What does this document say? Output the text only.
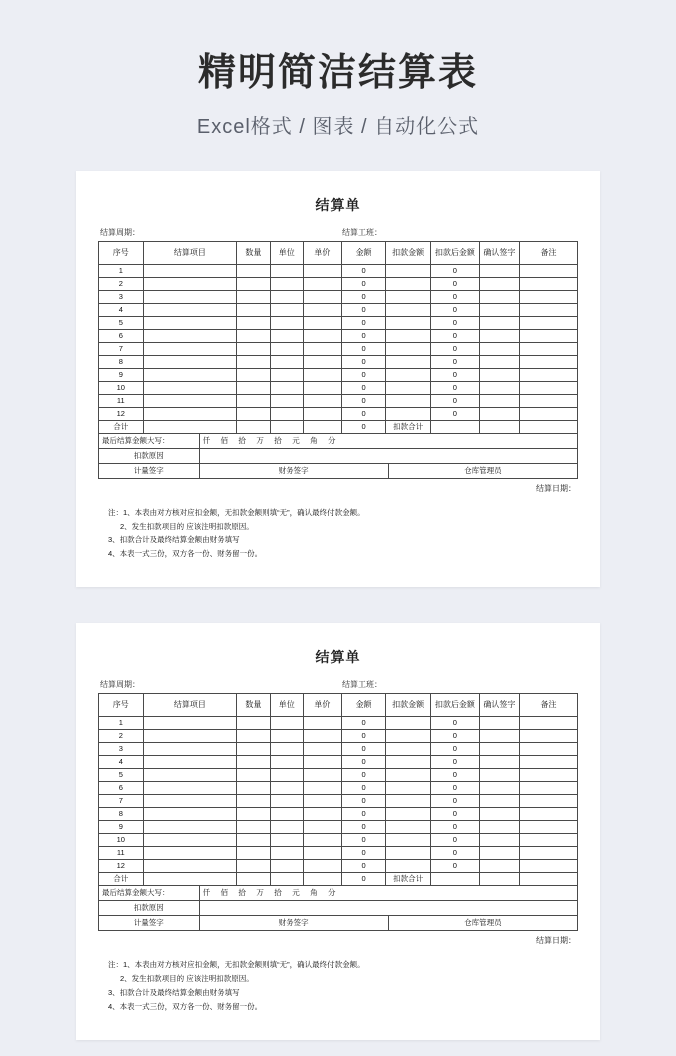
精明简洁结算表

Excel格式 / 图表 / 自动化公式

结算单
结算周期：	结算工班：
序号	结算项目	数量	单位	单价	金额	扣款金额	扣款后金额	确认签字	备注
1					0		0		
2					0		0		
3					0		0		
4					0		0		
5					0		0		
6					0		0		
7					0		0		
8					0		0		
9					0		0		
10					0		0		
11					0		0		
12					0		0		
合计					0	扣款合计			
最后结算金额大写：	仟 佰 拾 万 拾 元 角 分	
扣款原因		
计量签字	财务签字	仓库管理员
结算日期：
注：1、本表由对方核对应扣金额，无扣款金额则填“无”，确认最终付款金额。
2、发生扣款项目的 应该注明扣款原因。
3、扣款合计及最终结算金额由财务填写
4、本表一式三份，双方各一份、财务留一份。
结算单
结算周期：	结算工班：
序号	结算项目	数量	单位	单价	金额	扣款金额	扣款后金额	确认签字	备注
1					0		0		
2					0		0		
3					0		0		
4					0		0		
5					0		0		
6					0		0		
7					0		0		
8					0		0		
9					0		0		
10					0		0		
11					0		0		
12					0		0		
合计					0	扣款合计			
最后结算金额大写：	仟 佰 拾 万 拾 元 角 分	
扣款原因		
计量签字	财务签字	仓库管理员
结算日期：
注：1、本表由对方核对应扣金额，无扣款金额则填“无”，确认最终付款金额。
2、发生扣款项目的 应该注明扣款原因。
3、扣款合计及最终结算金额由财务填写
4、本表一式三份，双方各一份、财务留一份。
